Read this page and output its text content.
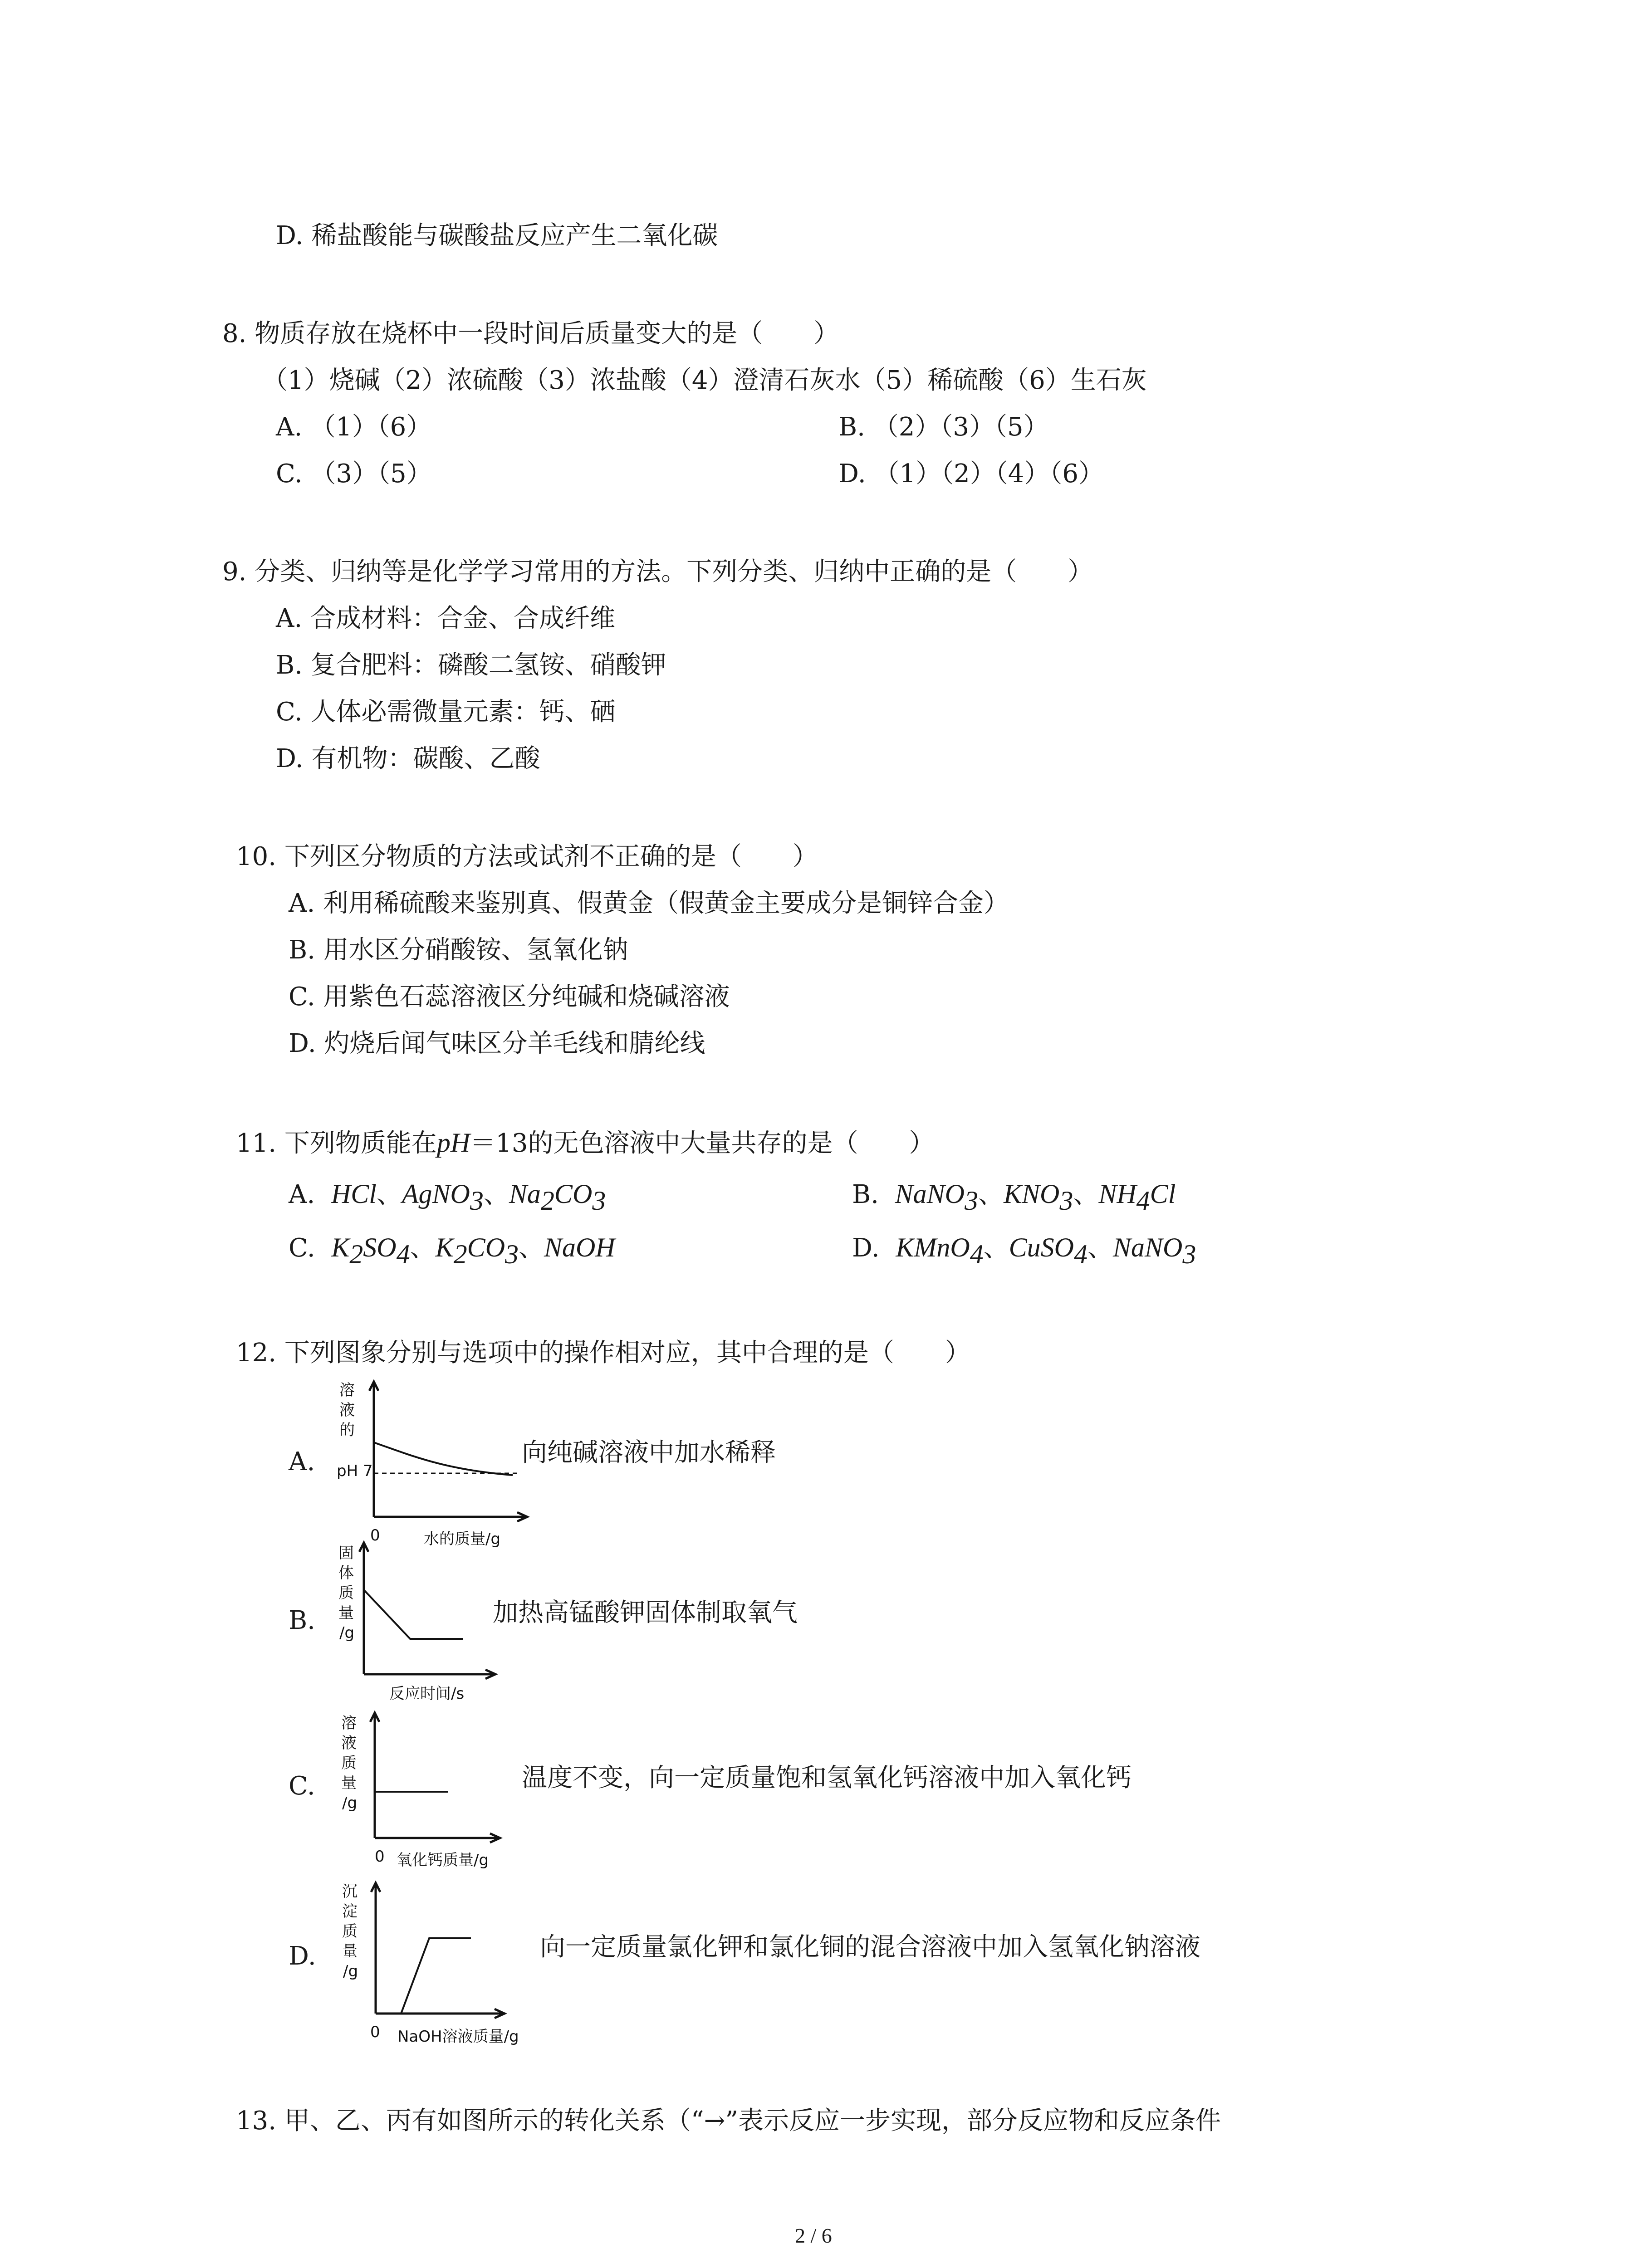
D. 稀盐酸能与碳酸盐反应产生二氧化碳
8. 物质存放在烧杯中一段时间后质量变大的是（　　）
（1）烧碱（2）浓硫酸（3）浓盐酸（4）澄清石灰水（5）稀硫酸（6）生石灰
A. （1）（6）	B. （2）（3）（5）
C. （3）（5）	D. （1）（2）（4）（6）
9. 分类、归纳等是化学学习常用的方法。下列分类、归纳中正确的是（　　）
A. 合成材料：合金、合成纤维
B. 复合肥料：磷酸二氢铵、硝酸钾
C. 人体必需微量元素：钙、硒
D. 有机物：碳酸、乙酸
10. 下列区分物质的方法或试剂不正确的是（　　）
A. 利用稀硫酸来鉴别真、假黄金（假黄金主要成分是铜锌合金）
B. 用水区分硝酸铵、氢氧化钠
C. 用紫色石蕊溶液区分纯碱和烧碱溶液
D. 灼烧后闻气味区分羊毛线和腈纶线
11. 下列物质能在pH＝13的无色溶液中大量共存的是（　　）
A. HCl、AgNO$_3$、$Na_2CO_3$	B. NaNO$_3$、$KNO_3$、$NH_4Cl$
C. $K_2SO_4$、$K_2CO_3$、NaOH	D. KMnO$_4$、CuSO$_4$、NaNO$_3$
12. 下列图象分别与选项中的操作相对应，其中合理的是（　　）
A.
溶
液
的
pH 7
0	水的质量/g
向纯碱溶液中加水稀释
B.
固
体
质
量
/g
反应时间/s
加热高锰酸钾固体制取氧气
C.
溶
液
质
量
/g
0 氧化钙质量/g
温度不变，向一定质量饱和氢氧化钙溶液中加入氧化钙
D.
沉
淀
质
量
/g
0 NaOH溶液质量/g
向一定质量氯化钾和氯化铜的混合溶液中加入氢氧化钠溶液
13. 甲、乙、丙有如图所示的转化关系（“→”表示反应一步实现，部分反应物和反应条件
2 / 6
